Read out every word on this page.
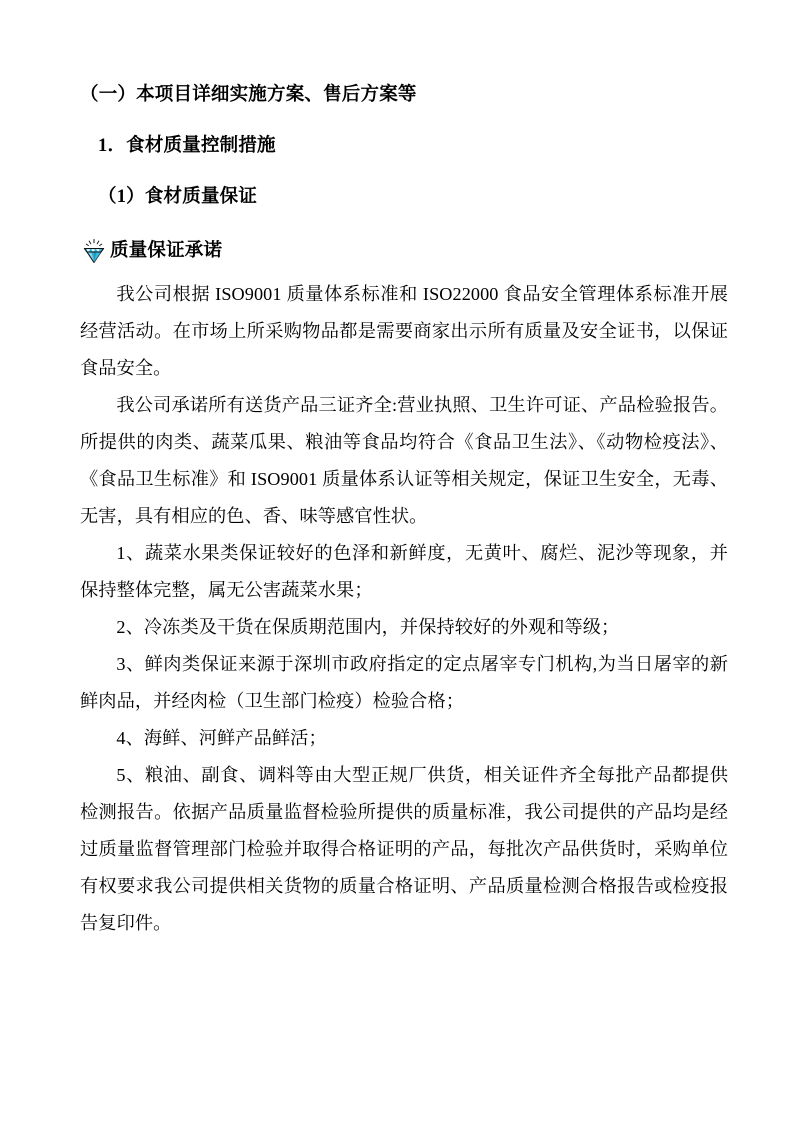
（一）本项目详细实施方案、售后方案等
1．食材质量控制措施
（1）食材质量保证
质量保证承诺

我公司根据 ISO9001 质量体系标准和 ISO22000 食品安全管理体系标准开展经营活动。在市场上所采购物品都是需要商家出示所有质量及安全证书，以保证食品安全。

我公司承诺所有送货产品三证齐全:营业执照、卫生许可证、产品检验报告。所提供的肉类、蔬菜瓜果、粮油等食品均符合《食品卫生法》、《动物检疫法》、《食品卫生标准》和 ISO9001 质量体系认证等相关规定，保证卫生安全，无毒、无害，具有相应的色、香、味等感官性状。

1、蔬菜水果类保证较好的色泽和新鲜度，无黄叶、腐烂、泥沙等现象，并保持整体完整，属无公害蔬菜水果；

2、冷冻类及干货在保质期范围内，并保持较好的外观和等级；

3、鲜肉类保证来源于深圳市政府指定的定点屠宰专门机构,为当日屠宰的新鲜肉品，并经肉检（卫生部门检疫）检验合格；

4、海鲜、河鲜产品鲜活；

5、粮油、副食、调料等由大型正规厂供货，相关证件齐全每批产品都提供检测报告。依据产品质量监督检验所提供的质量标准，我公司提供的产品均是经过质量监督管理部门检验并取得合格证明的产品，每批次产品供货时，采购单位有权要求我公司提供相关货物的质量合格证明、产品质量检测合格报告或检疫报告复印件。
